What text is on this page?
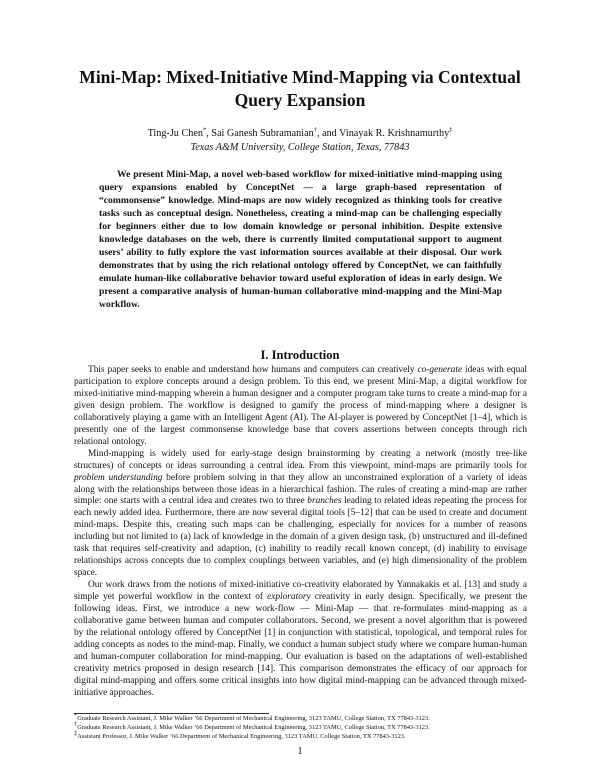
Mini-Map: Mixed-Initiative Mind-Mapping via Contextual
Query Expansion
Ting-Ju Chen*, Sai Ganesh Subramanian†, and Vinayak R. Krishnamurthy‡
Texas A&M University, College Station, Texas, 77843

We present Mini-Map, a novel web-based workflow for mixed-initiative mind-mapping using query expansions enabled by ConceptNet — a large graph-based representation of “commonsense” knowledge. Mind-maps are now widely recognized as thinking tools for creative tasks such as conceptual design. Nonetheless, creating a mind-map can be challenging especially for beginners either due to low domain knowledge or personal inhibition. Despite extensive knowledge databases on the web, there is currently limited computational support to augment users’ ability to fully explore the vast information sources available at their disposal. Our work demonstrates that by using the rich relational ontology offered by ConceptNet, we can faithfully emulate human-like collaborative behavior toward useful exploration of ideas in early design. We present a comparative analysis of human-human collaborative mind-mapping and the Mini-Map workflow.

I. Introduction

This paper seeks to enable and understand how humans and computers can creatively co-generate ideas with equal participation to explore concepts around a design problem. To this end, we present Mini-Map, a digital workflow for mixed-initiative mind-mapping wherein a human designer and a computer program take turns to create a mind-map for a given design problem. The workflow is designed to gamify the process of mind-mapping where a designer is collaboratively playing a game with an Intelligent Agent (AI). The AI-player is powered by ConceptNet [1–4], which is presently one of the largest commonsense knowledge base that covers assertions between concepts through rich relational ontology.

Mind-mapping is widely used for early-stage design brainstorming by creating a network (mostly tree-like structures) of concepts or ideas surrounding a central idea. From this viewpoint, mind-maps are primarily tools for problem understanding before problem solving in that they allow an unconstrained exploration of a variety of ideas along with the relationships between those ideas in a hierarchical fashion. The rules of creating a mind-map are rather simple: one starts with a central idea and creates two to three branches leading to related ideas repeating the process for each newly added idea. Furthermore, there are now several digital tools [5–12] that can be used to create and document mind-maps. Despite this, creating such maps can be challenging, especially for novices for a number of reasons including but not limited to (a) lack of knowledge in the domain of a given design task, (b) unstructured and ill-defined task that requires self-creativity and adaption, (c) inability to readily recall known concept, (d) inability to envisage relationships across concepts due to complex couplings between variables, and (e) high dimensionality of the problem space.

Our work draws from the notions of mixed-initiative co-creativity elaborated by Yannakakis et al. [13] and study a simple yet powerful workflow in the context of exploratory creativity in early design. Specifically, we present the following ideas. First, we introduce a new work-flow — Mini-Map — that re-formulates mind-mapping as a collaborative game between human and computer collaborators. Second, we present a novel algorithm that is powered by the relational ontology offered by ConceptNet [1] in conjunction with statistical, topological, and temporal rules for adding concepts as nodes to the mind-map. Finally, we conduct a human subject study where we compare human-human and human-computer collaboration for mind-mapping. Our evaluation is based on the adaptations of well-established creativity metrics proposed in design research [14]. This comparison demonstrates the efficacy of our approach for digital mind-mapping and offers some critical insights into how digital mind-mapping can be advanced through mixed-initiative approaches.

*Graduate Research Assistant, J. Mike Walker ’66 Department of Mechanical Engineering, 3123 TAMU, College Station, TX 77843-3123.
†Graduate Research Assistant, J. Mike Walker ’66 Department of Mechanical Engineering, 3123 TAMU, College Station, TX 77843-3123.
‡Assistant Professor, J. Mike Walker ’66 Department of Mechanical Engineering, 3123 TAMU, College Station, TX 77843-3123.
1
